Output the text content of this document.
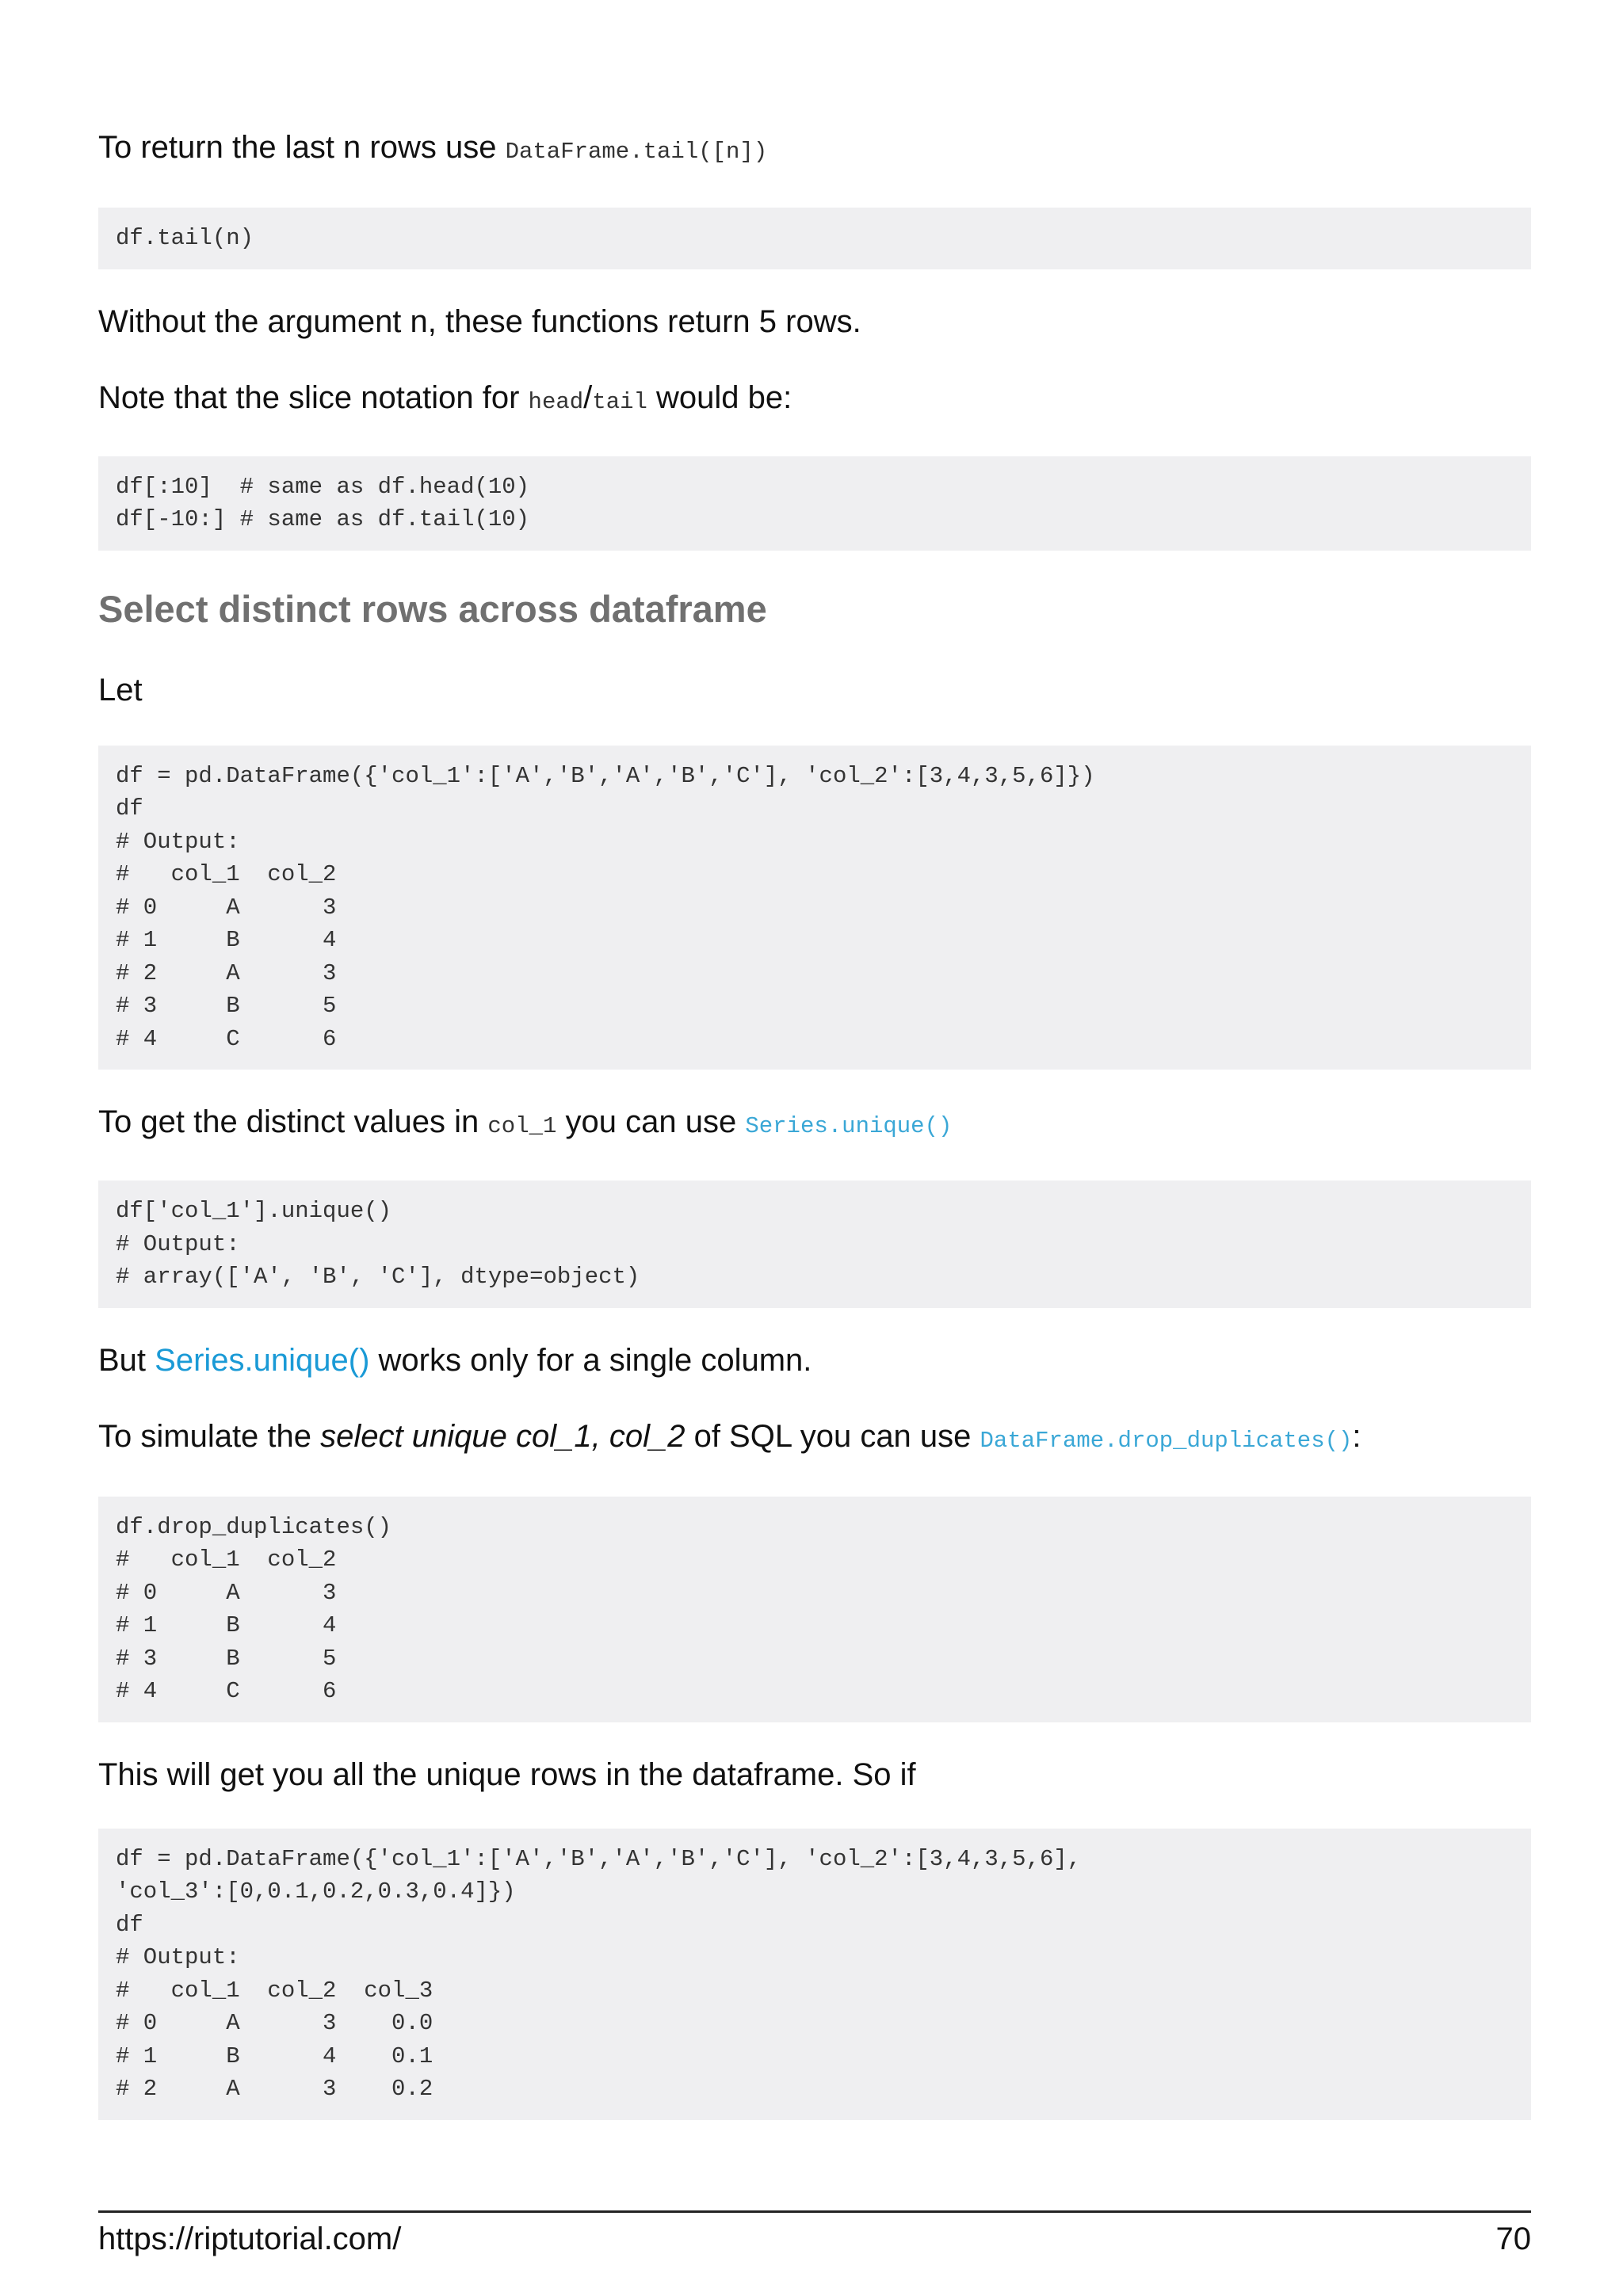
To return the last n rows use DataFrame.tail([n])

df.tail(n)

Without the argument n, these functions return 5 rows.

Note that the slice notation for head/tail would be:

df[:10]  # same as df.head(10)
df[-10:] # same as df.tail(10)
Select distinct rows across dataframe

Let

df = pd.DataFrame({'col_1':['A','B','A','B','C'], 'col_2':[3,4,3,5,6]})
df
# Output:
#   col_1  col_2
# 0     A      3
# 1     B      4
# 2     A      3
# 3     B      5
# 4     C      6

To get the distinct values in col_1 you can use Series.unique()

df['col_1'].unique()
# Output:
# array(['A', 'B', 'C'], dtype=object)

But Series.unique() works only for a single column.

To simulate the select unique col_1, col_2 of SQL you can use DataFrame.drop_duplicates():

df.drop_duplicates()
#   col_1  col_2
# 0     A      3
# 1     B      4
# 3     B      5
# 4     C      6

This will get you all the unique rows in the dataframe. So if

df = pd.DataFrame({'col_1':['A','B','A','B','C'], 'col_2':[3,4,3,5,6],
'col_3':[0,0.1,0.2,0.3,0.4]})
df
# Output:
#   col_1  col_2  col_3
# 0     A      3    0.0
# 1     B      4    0.1
# 2     A      3    0.2
https://riptutorial.com/	70
